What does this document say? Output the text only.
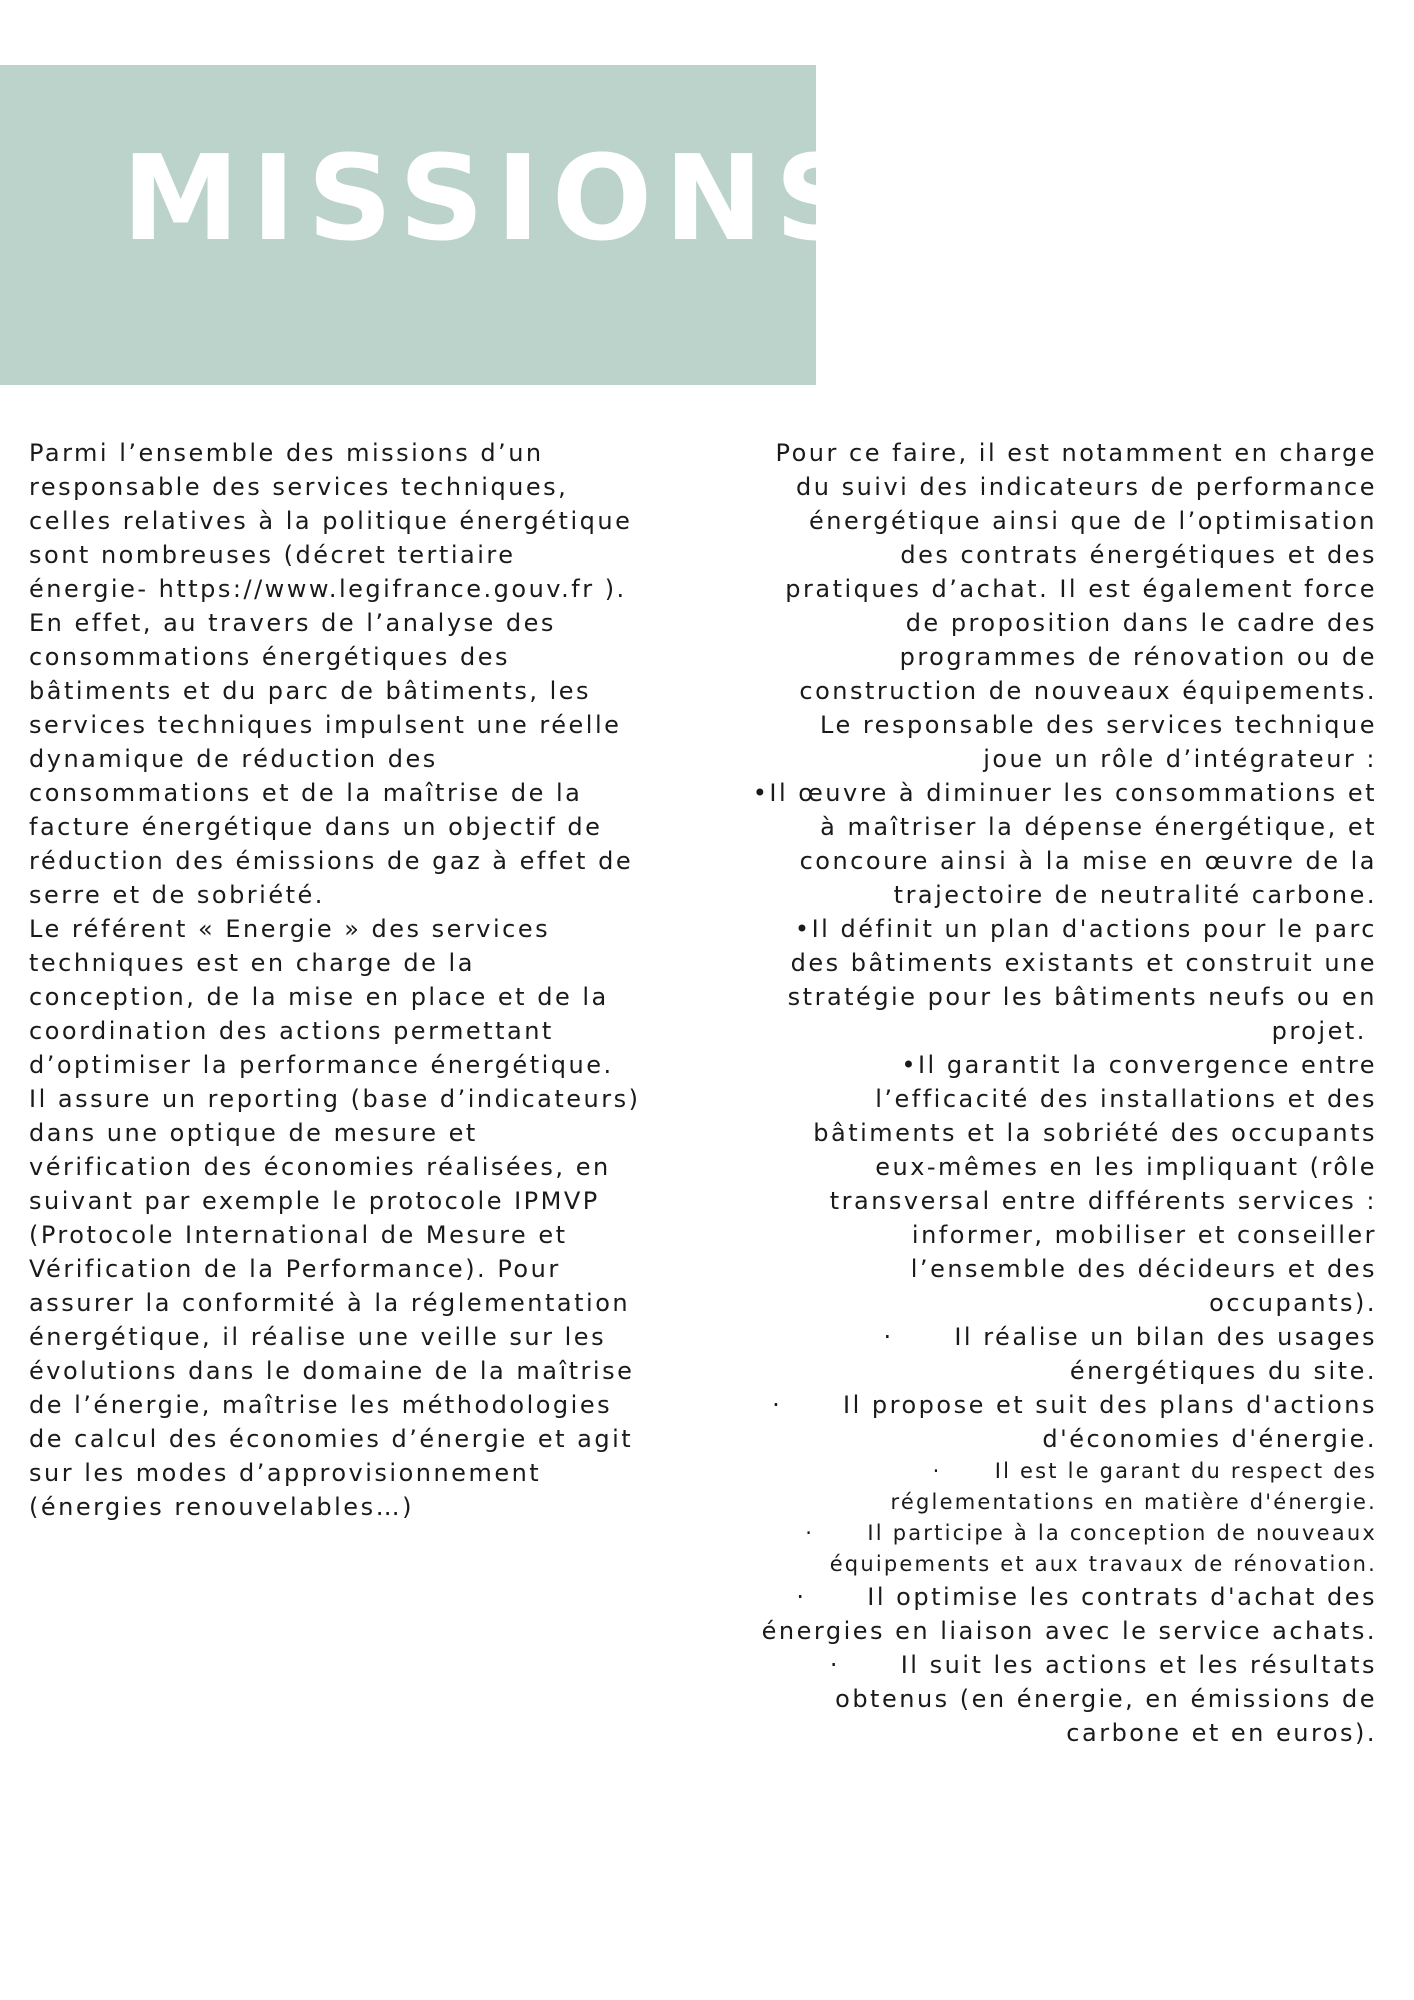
MISSIONS
Parmi l’ensemble des missions d’un
responsable des services techniques,
celles relatives à la politique énergétique
sont nombreuses (décret tertiaire
énergie- https://www.legifrance.gouv.fr ).
En effet, au travers de l’analyse des
consommations énergétiques des
bâtiments et du parc de bâtiments, les
services techniques impulsent une réelle
dynamique de réduction des
consommations et de la maîtrise de la
facture énergétique dans un objectif de
réduction des émissions de gaz à effet de
serre et de sobriété.
Le référent « Energie » des services
techniques est en charge de la
conception, de la mise en place et de la
coordination des actions permettant
d’optimiser la performance énergétique.
Il assure un reporting (base d’indicateurs)
dans une optique de mesure et
vérification des économies réalisées, en
suivant par exemple le protocole IPMVP
(Protocole International de Mesure et
Vérification de la Performance). Pour
assurer la conformité à la réglementation
énergétique, il réalise une veille sur les
évolutions dans le domaine de la maîtrise
de l’énergie, maîtrise les méthodologies
de calcul des économies d’énergie et agit
sur les modes d’approvisionnement
(énergies renouvelables…)
Pour ce faire, il est notamment en charge
du suivi des indicateurs de performance
énergétique ainsi que de l’optimisation
des contrats énergétiques et des
pratiques d’achat. Il est également force
de proposition dans le cadre des
programmes de rénovation ou de
construction de nouveaux équipements.
Le responsable des services technique
joue un rôle d’intégrateur :
•Il œuvre à diminuer les consommations et
à maîtriser la dépense énergétique, et
concoure ainsi à la mise en œuvre de la
trajectoire de neutralité carbone.
•Il définit un plan d'actions pour le parc
des bâtiments existants et construit une
stratégie pour les bâtiments neufs ou en
projet.
•Il garantit la convergence entre
l’efficacité des installations et des
bâtiments et la sobriété des occupants
eux-mêmes en les impliquant (rôle
transversal entre différents services :
informer, mobiliser et conseiller
l’ensemble des décideurs et des
occupants).
·      Il réalise un bilan des usages
énergétiques du site.
·      Il propose et suit des plans d'actions
d'économies d'énergie.
·      Il est le garant du respect des
réglementations en matière d'énergie.
·      Il participe à la conception de nouveaux
équipements et aux travaux de rénovation.
·      Il optimise les contrats d'achat des
énergies en liaison avec le service achats.
·      Il suit les actions et les résultats
obtenus (en énergie, en émissions de
carbone et en euros).
